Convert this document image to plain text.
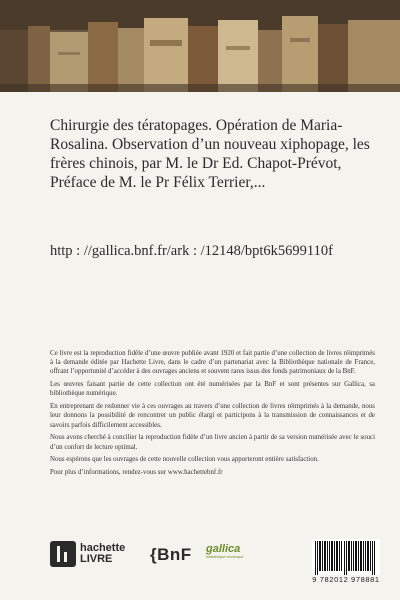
Chirurgie des tératopages. Opération de Maria-Rosalina. Observation d’un nouveau xiphopage, les frères chinois, par M. le Dr Ed. Chapot-Prévot, Préface de M. le Pr Félix Terrier,...
http : //gallica.bnf.fr/ark : /12148/bpt6k5699110f

Ce livre est la reproduction fidèle d’une œuvre publiée avant 1920 et fait partie d’une collection de livres réimprimés à la demande éditée par Hachette Livre, dans le cadre d’un partenariat avec la Bibliothèque nationale de France, offrant l’opportunité d’accéder à des ouvrages anciens et souvent rares issus des fonds patrimoniaux de la BnF.

Les œuvres faisant partie de cette collection ont été numérisées par la BnF et sont présentes sur Gallica, sa bibliothèque numérique.

En entreprenant de redonner vie à ces ouvrages au travers d’une collection de livres réimprimés à la demande, nous leur donnons la possibilité de rencontrer un public élargi et participons à la transmission de connaissances et de savoirs parfois difficilement accessibles.

Nous avons cherché à concilier la reproduction fidèle d’un livre ancien à partir de sa version numérisée avec le souci d’un confort de lecture optimal.

Nous espérons que les ouvrages de cette nouvelle collection vous apporteront entière satisfaction.

Pour plus d’informations, rendez-vous sur www.hachettebnf.fr

hachette
LIVRE	{BnF gallica
bibliothèque numérique
9 782012 978881
